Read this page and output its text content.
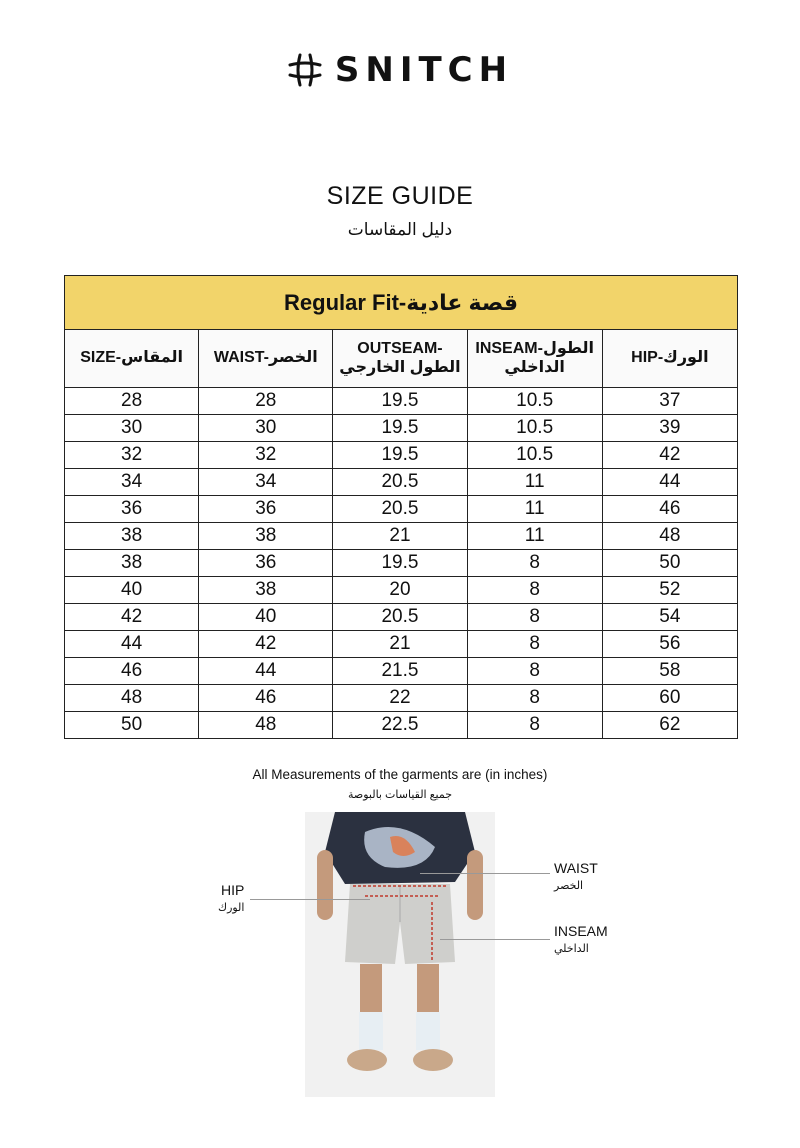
SNITCH
SIZE GUIDE
دليل المقاسات
Regular Fit-قصة عادية				
SIZE-المقاس	WAIST-الخصر	OUTSEAM-الطول الخارجي	INSEAM-الطول الداخلي	HIP-الورك
28	28	19.5	10.5	37
30	30	19.5	10.5	39
32	32	19.5	10.5	42
34	34	20.5	11	44
36	36	20.5	11	46
38	38	21	11	48
38	36	19.5	8	50
40	38	20	8	52
42	40	20.5	8	54
44	42	21	8	56
46	44	21.5	8	58
48	46	22	8	60
50	48	22.5	8	62
All Measurements of the garments are (in inches)
جميع القياسات بالبوصة
HIP
الورك
WAIST
الخصر
INSEAM
الداخلي
